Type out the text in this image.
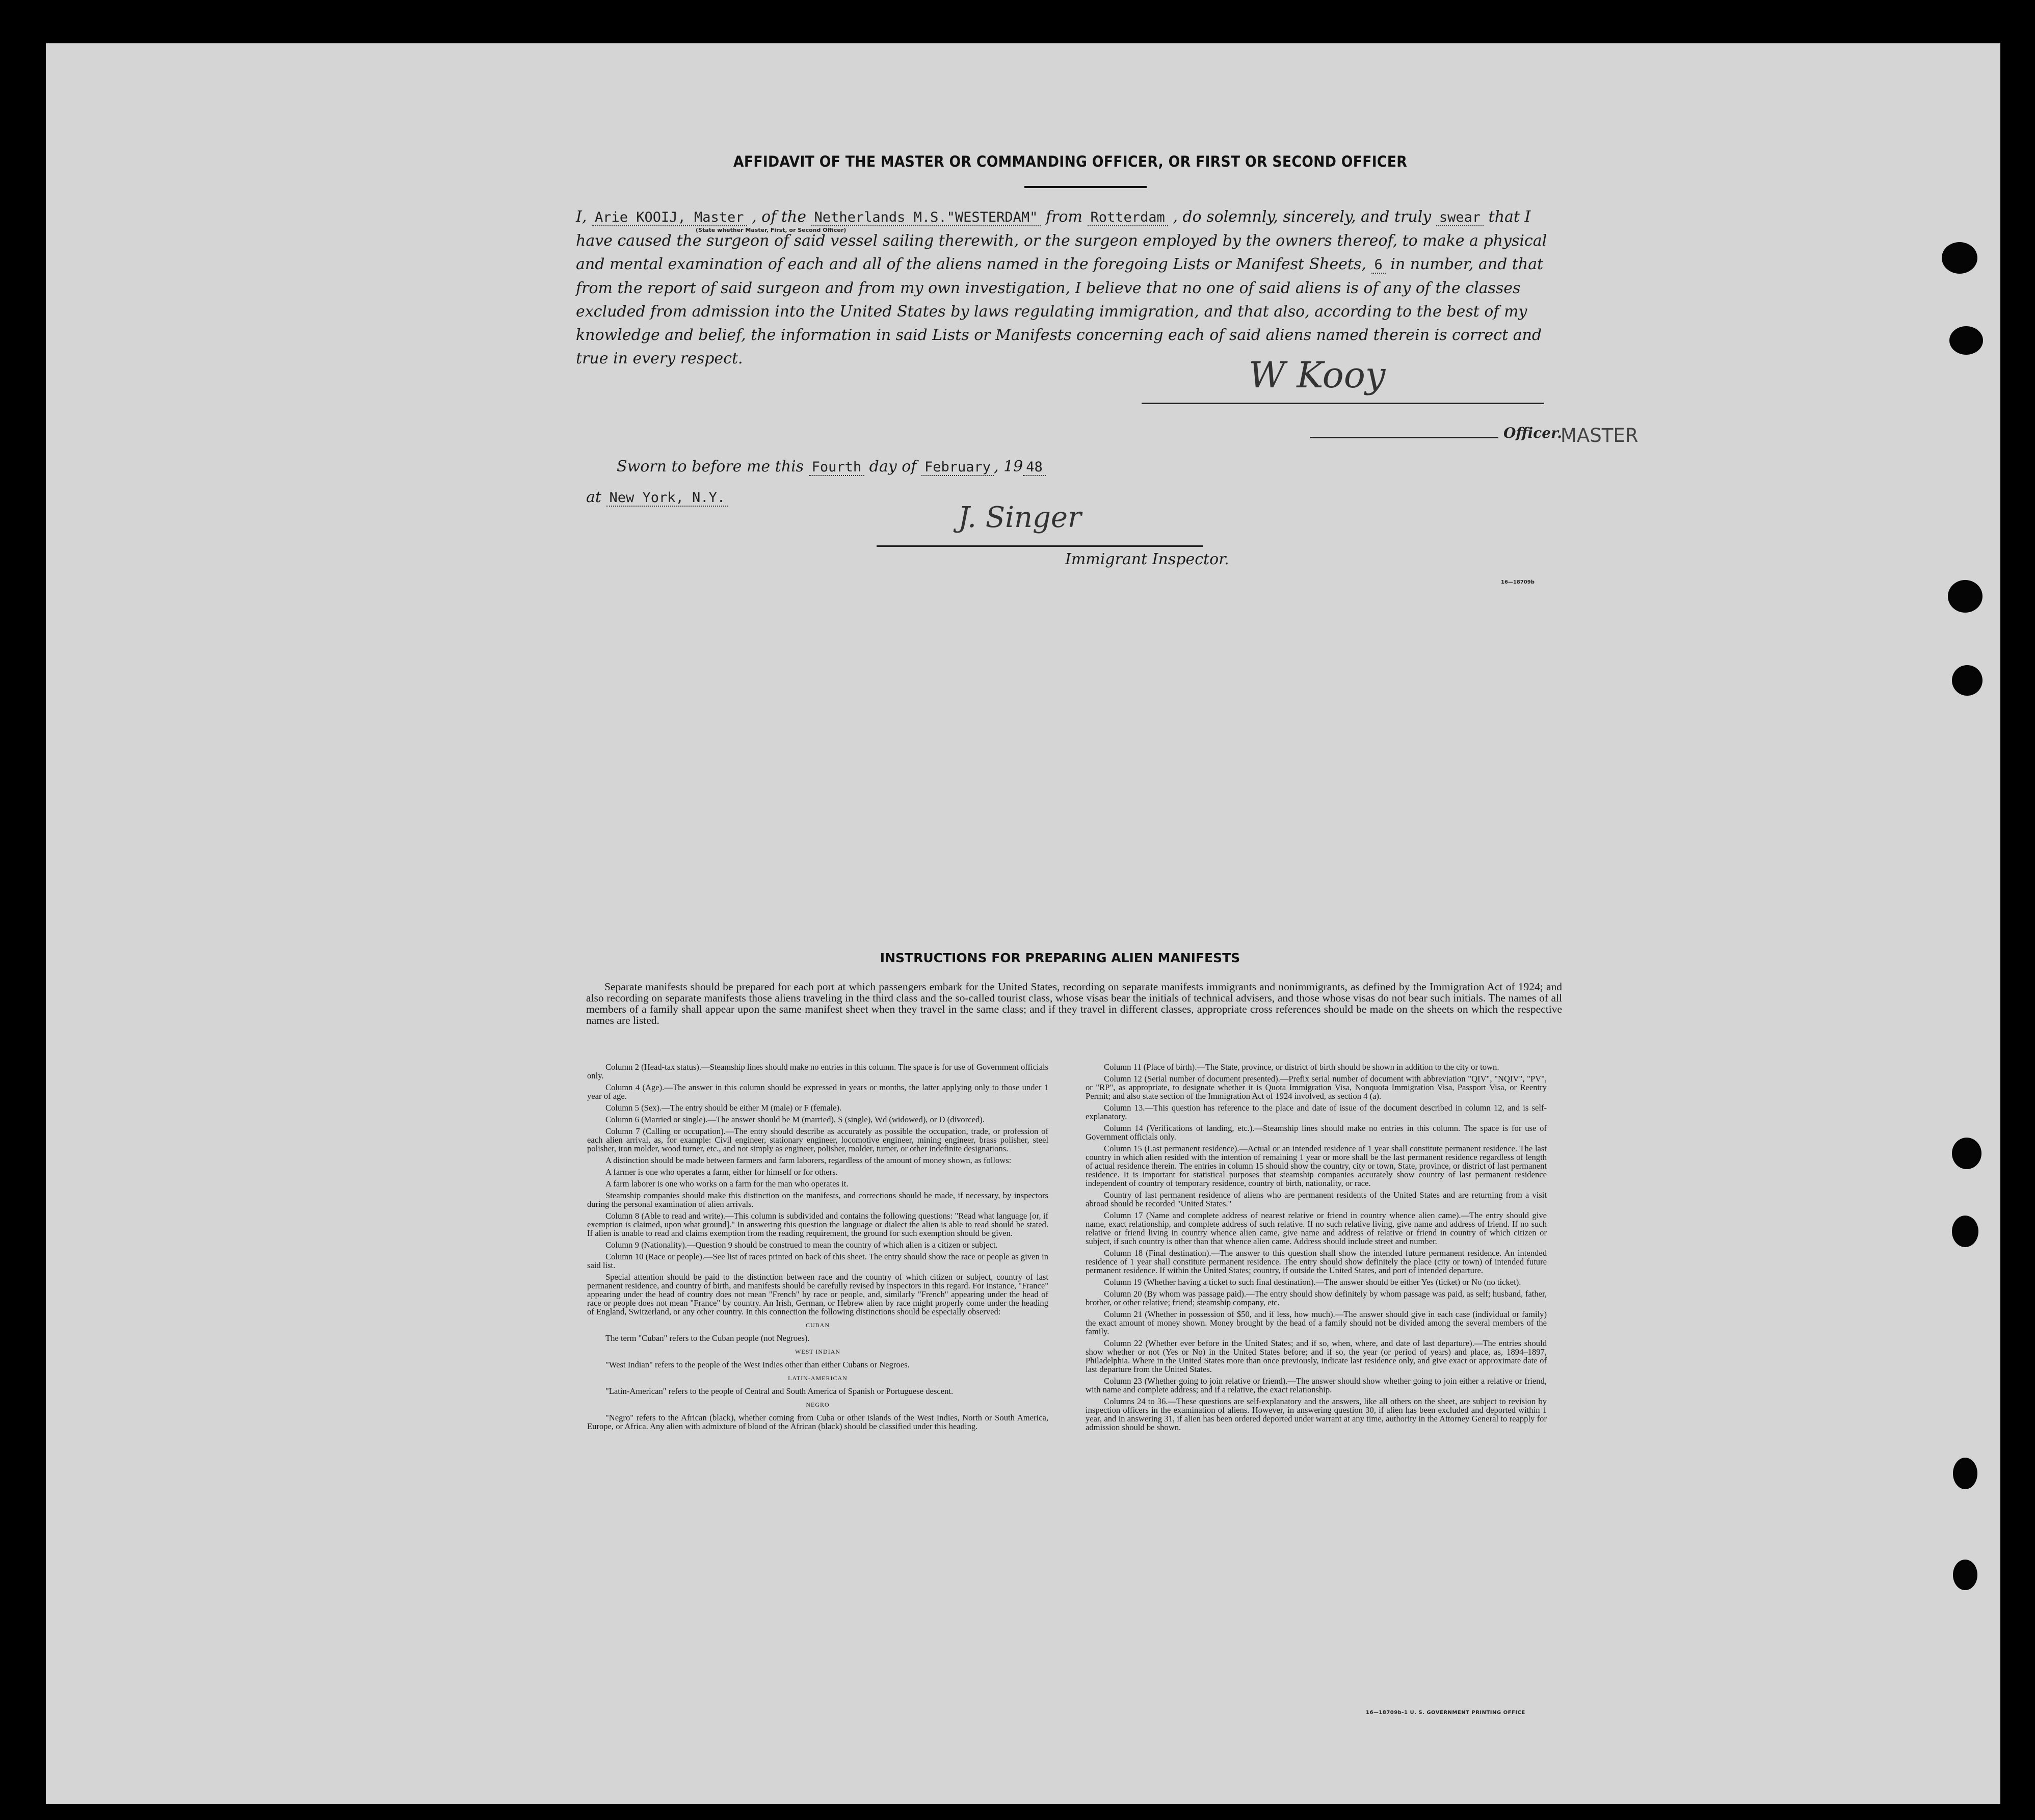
AFFIDAVIT OF THE MASTER OR COMMANDING OFFICER, OR FIRST OR SECOND OFFICER
I, Arie KOOIJ, Master , of the Netherlands M.S."WESTERDAM" from Rotterdam , do solemnly, sincerely, and truly swear that I have caused the surgeon of said vessel sailing therewith, or the surgeon employed by the owners thereof, to make a physical and mental examination of each and all of the aliens named in the foregoing Lists or Manifest Sheets, 6 in number, and that from the report of said surgeon and from my own investigation, I believe that no one of said aliens is of any of the classes excluded from admission into the United States by laws regulating immigration, and that also, according to the best of my knowledge and belief, the information in said Lists or Manifests concerning each of said aliens named therein is correct and true in every respect.
(State whether Master, First, or Second Officer)
W Kooy
Officer.
MASTER
Sworn to before me this Fourth day of February , 19 48
at New York, N.Y.
J. Singer
Immigrant Inspector.
16—18709b
INSTRUCTIONS FOR PREPARING ALIEN MANIFESTS
Separate manifests should be prepared for each port at which passengers embark for the United States, recording on separate manifests immigrants and nonimmigrants, as defined by the Immigration Act of 1924; and also recording on separate manifests those aliens traveling in the third class and the so-called tourist class, whose visas bear the initials of technical advisers, and those whose visas do not bear such initials. The names of all members of a family shall appear upon the same manifest sheet when they travel in the same class; and if they travel in different classes, appropriate cross references should be made on the sheets on which the respective names are listed.

Column 2 (Head-tax status).—Steamship lines should make no entries in this column. The space is for use of Government officials only.

Column 4 (Age).—The answer in this column should be expressed in years or months, the latter applying only to those under 1 year of age.

Column 5 (Sex).—The entry should be either M (male) or F (female).

Column 6 (Married or single).—The answer should be M (married), S (single), Wd (widowed), or D (divorced).

Column 7 (Calling or occupation).—The entry should describe as accurately as possible the occupation, trade, or profession of each alien arrival, as, for example: Civil engineer, stationary engineer, locomotive engineer, mining engineer, brass polisher, steel polisher, iron molder, wood turner, etc., and not simply as engineer, polisher, molder, turner, or other indefinite designations.

A distinction should be made between farmers and farm laborers, regardless of the amount of money shown, as follows:

A farmer is one who operates a farm, either for himself or for others.

A farm laborer is one who works on a farm for the man who operates it.

Steamship companies should make this distinction on the manifests, and corrections should be made, if necessary, by inspectors during the personal examination of alien arrivals.

Column 8 (Able to read and write).—This column is subdivided and contains the following questions: "Read what language [or, if exemption is claimed, upon what ground]." In answering this question the language or dialect the alien is able to read should be stated. If alien is unable to read and claims exemption from the reading requirement, the ground for such exemption should be given.

Column 9 (Nationality).—Question 9 should be construed to mean the country of which alien is a citizen or subject.

Column 10 (Race or people).—See list of races printed on back of this sheet. The entry should show the race or people as given in said list.

Special attention should be paid to the distinction between race and the country of which citizen or subject, country of last permanent residence, and country of birth, and manifests should be carefully revised by inspectors in this regard. For instance, "France" appearing under the head of country does not mean "French" by race or people, and, similarly "French" appearing under the head of race or people does not mean "France" by country. An Irish, German, or Hebrew alien by race might properly come under the heading of England, Switzerland, or any other country. In this connection the following distinctions should be especially observed:

CUBAN

The term "Cuban" refers to the Cuban people (not Negroes).

WEST INDIAN

"West Indian" refers to the people of the West Indies other than either Cubans or Negroes.

LATIN-AMERICAN

"Latin-American" refers to the people of Central and South America of Spanish or Portuguese descent.

NEGRO

"Negro" refers to the African (black), whether coming from Cuba or other islands of the West Indies, North or South America, Europe, or Africa. Any alien with admixture of blood of the African (black) should be classified under this heading.

Column 11 (Place of birth).—The State, province, or district of birth should be shown in addition to the city or town.

Column 12 (Serial number of document presented).—Prefix serial number of document with abbreviation "QIV", "NQIV", "PV", or "RP", as appropriate, to designate whether it is Quota Immigration Visa, Nonquota Immigration Visa, Passport Visa, or Reentry Permit; and also state section of the Immigration Act of 1924 involved, as section 4 (a).

Column 13.—This question has reference to the place and date of issue of the document described in column 12, and is self-explanatory.

Column 14 (Verifications of landing, etc.).—Steamship lines should make no entries in this column. The space is for use of Government officials only.

Column 15 (Last permanent residence).—Actual or an intended residence of 1 year shall constitute permanent residence. The last country in which alien resided with the intention of remaining 1 year or more shall be the last permanent residence regardless of length of actual residence therein. The entries in column 15 should show the country, city or town, State, province, or district of last permanent residence. It is important for statistical purposes that steamship companies accurately show country of last permanent residence independent of country of temporary residence, country of birth, nationality, or race.

Country of last permanent residence of aliens who are permanent residents of the United States and are returning from a visit abroad should be recorded "United States."

Column 17 (Name and complete address of nearest relative or friend in country whence alien came).—The entry should give name, exact relationship, and complete address of such relative. If no such relative living, give name and address of friend. If no such relative or friend living in country whence alien came, give name and address of relative or friend in country of which citizen or subject, if such country is other than that whence alien came. Address should include street and number.

Column 18 (Final destination).—The answer to this question shall show the intended future permanent residence. An intended residence of 1 year shall constitute permanent residence. The entry should show definitely the place (city or town) of intended future permanent residence. If within the United States; country, if outside the United States, and port of intended departure.

Column 19 (Whether having a ticket to such final destination).—The answer should be either Yes (ticket) or No (no ticket).

Column 20 (By whom was passage paid).—The entry should show definitely by whom passage was paid, as self; husband, father, brother, or other relative; friend; steamship company, etc.

Column 21 (Whether in possession of $50, and if less, how much).—The answer should give in each case (individual or family) the exact amount of money shown. Money brought by the head of a family should not be divided among the several members of the family.

Column 22 (Whether ever before in the United States; and if so, when, where, and date of last departure).—The entries should show whether or not (Yes or No) in the United States before; and if so, the year (or period of years) and place, as, 1894–1897, Philadelphia. Where in the United States more than once previously, indicate last residence only, and give exact or approximate date of last departure from the United States.

Column 23 (Whether going to join relative or friend).—The answer should show whether going to join either a relative or friend, with name and complete address; and if a relative, the exact relationship.

Columns 24 to 36.—These questions are self-explanatory and the answers, like all others on the sheet, are subject to revision by inspection officers in the examination of aliens. However, in answering question 30, if alien has been excluded and deported within 1 year, and in answering 31, if alien has been ordered deported under warrant at any time, authority in the Attorney General to reapply for admission should be shown.

16—18709b-1 U. S. GOVERNMENT PRINTING OFFICE
